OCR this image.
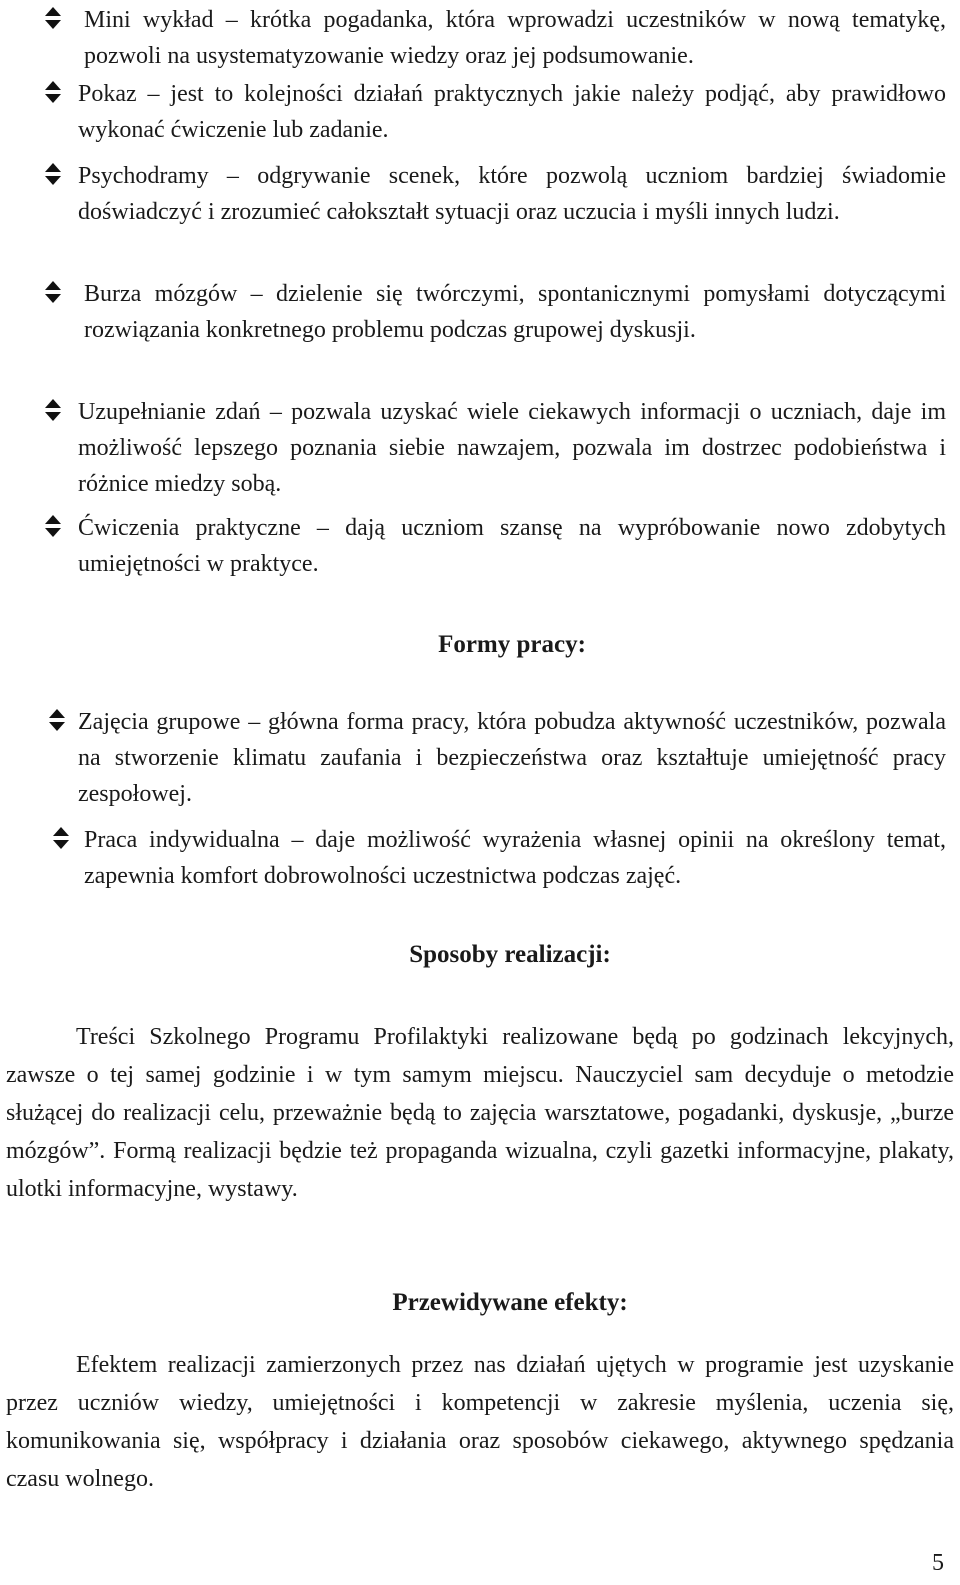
Mini wykład – krótka pogadanka, która wprowadzi uczestników w nową tematykę, pozwoli na usystematyzowanie wiedzy oraz jej podsumowanie.
Pokaz – jest to kolejności działań praktycznych jakie należy podjąć, aby prawidłowo wykonać ćwiczenie lub zadanie.
Psychodramy – odgrywanie scenek, które pozwolą uczniom bardziej świadomie doświadczyć i zrozumieć całokształt sytuacji oraz uczucia i myśli innych ludzi.
Burza mózgów – dzielenie się twórczymi, spontanicznymi pomysłami dotyczącymi rozwiązania konkretnego problemu podczas grupowej dyskusji.
Uzupełnianie zdań – pozwala uzyskać wiele ciekawych informacji o uczniach, daje im możliwość lepszego poznania siebie nawzajem, pozwala im dostrzec podobieństwa i różnice miedzy sobą.
Ćwiczenia praktyczne – dają uczniom szansę na wypróbowanie nowo zdobytych umiejętności w praktyce.
Formy pracy:
Zajęcia grupowe – główna forma pracy, która pobudza aktywność uczestników, pozwala na stworzenie klimatu zaufania i bezpieczeństwa oraz kształtuje umiejętność pracy zespołowej.
Praca indywidualna – daje możliwość wyrażenia własnej opinii na określony temat, zapewnia komfort dobrowolności uczestnictwa podczas zajęć.
Sposoby realizacji:

Treści Szkolnego Programu Profilaktyki realizowane będą po godzinach lekcyjnych, zawsze o tej samej godzinie i w tym samym miejscu. Nauczyciel sam decyduje o metodzie służącej do realizacji celu, przeważnie będą to zajęcia warsztatowe, pogadanki, dyskusje, „burze mózgów”. Formą realizacji będzie też propaganda wizualna, czyli gazetki informacyjne, plakaty, ulotki informacyjne, wystawy.

Przewidywane efekty:

Efektem realizacji zamierzonych przez nas działań ujętych w programie jest uzyskanie przez uczniów wiedzy, umiejętności i kompetencji w zakresie myślenia, uczenia się, komunikowania się, współpracy i działania oraz sposobów ciekawego, aktywnego spędzania czasu wolnego.

5
